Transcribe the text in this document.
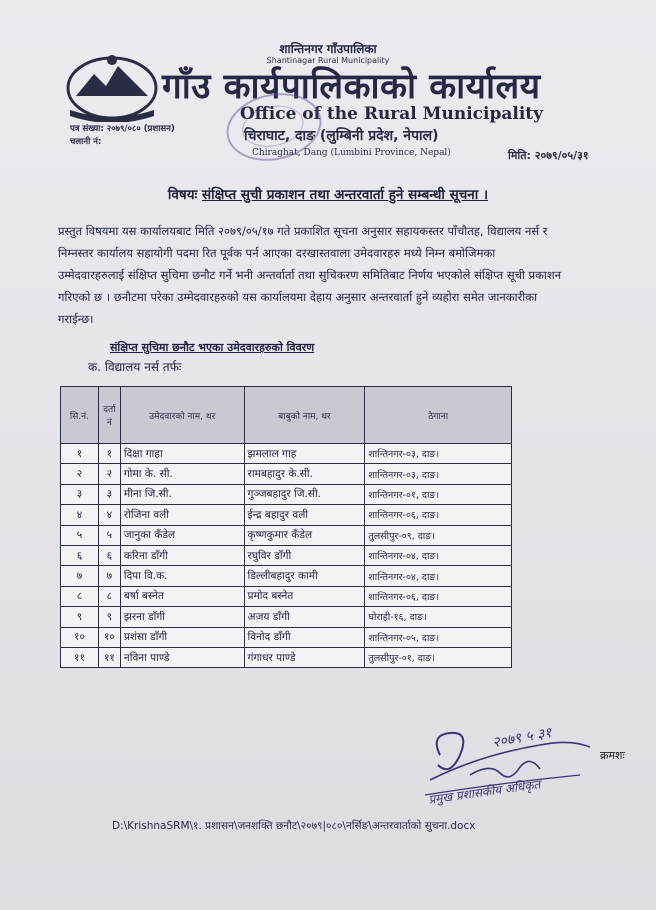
शान्तिनगर गाँउपालिका
Shantinagar Rural Municipality
गाँउ कार्यपालिकाको कार्यालय
Office of the Rural Municipality
चिराघाट, दाङ (लुम्बिनी प्रदेश, नेपाल)
Chiraghat, Dang (Lumbini Province, Nepal)
पत्र संख्या: २०७९/०८० (प्रशासन)
चलानी नं:
मिति: २०७९/०५/३१
विषयः संक्षिप्त सुची प्रकाशन तथा अन्तरवार्ता हुने सम्बन्धी सूचना ।
प्रस्तुत विषयमा यस कार्यालयबाट मिति २०७९/०५/१७ गते प्रकाशित सूचना अनुसार सहायकस्तर पाँचौतह, विद्यालय नर्स र
निम्नस्तर कार्यालय सहायोगी पदमा रित पूर्वक पर्न आएका दरखास्तवाला उमेदवारहरु मध्ये निम्न बमोजिमका
उम्मेदवारहरुलाई संक्षिप्त सुचिमा छनौट गर्ने भनी अन्तर्वार्ता तथा सुचिकरण समितिबाट निर्णय भएकोले संक्षिप्त सूची प्रकाशन
गरिएको छ । छनौटमा परेका उम्मेदवारहरुको यस कार्यालयमा देहाय अनुसार अन्तरवार्ता हुने व्यहोरा समेत जानकारीका
गराईन्छ।
संक्षिप्त सुचिमा छनौट भएका उमेदवारहरुको विवरण
क. विद्यालय नर्स तर्फः
सि.नं.	दर्ता नं	उमेदवारको नाम, थर	बाबुको नाम, थर	ठेगाना
१	१	दिक्षा गाहा	झमलाल गाह	शान्तिनगर-०३, दाङ।
२	२	गोमा के. सी.	रामबहादुर के.सी.	शान्तिनगर-०३, दाङ।
३	३	मीना जि.सी.	गुञ्जबहादुर जि.सी.	शान्तिनगर-०१, दाङ।
४	४	रोजिना वली	ईन्द्र बहादुर वली	शान्तिनगर-०६, दाङ।
५	५	जानुका कँडेल	कृष्णकुमार कँडेल	तुलसीपुर-०९, दाङ।
६	६	करिना डाँगी	रघुविर डाँगी	शान्तिनगर-०४, दाङ।
७	७	दिपा वि.क.	डिल्लीबहादुर कामी	शान्तिनगर-०४, दाङ।
८	८	बर्षा बस्नेत	प्रमोद बस्नेत	शान्तिनगर-०६, दाङ।
९	९	झरना डाँगी	अजय डाँगी	घोराही-१६, दाङ।
१०	१०	प्रशंसा डाँगी	विनोद डाँगी	शान्तिनगर-०५, दाङ।
११	११	नविना पाण्डे	गंगाधर पाण्डे	तुलसीपुर-०१, दाङ।
२०७९ ५ ३१
प्रमुख प्रशासकीय अधिकृत
क्रमशः
D:\KrishnaSRM\१. प्रशासन\जनशक्ति छनौट\२०७९|०८०\नर्सिङ\अन्तरवार्ताको सुचना.docx
